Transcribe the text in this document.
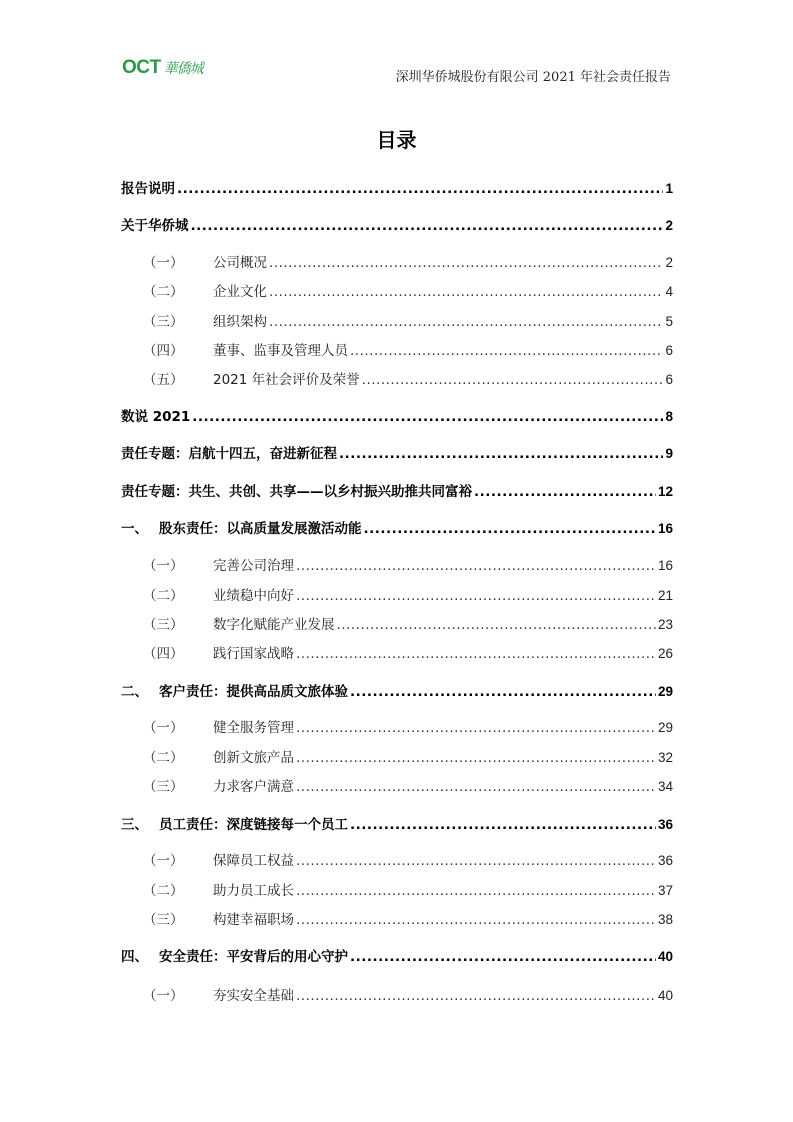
OCT 華僑城
深圳华侨城股份有限公司 2021 年社会责任报告
目录
报告说明 .....	1
关于华侨城 .....	2
（一）	公司概况 .....	2
（二）	企业文化 .....	4
（三）	组织架构 .....	5
（四）	董事、监事及管理人员 .....	6
（五）	2021 年社会评价及荣誉 .....	6
数说 2021 .....	8
责任专题：启航十四五，奋进新征程 .....	9
责任专题：共生、共创、共享——以乡村振兴助推共同富裕 .....	12
一、 股东责任：以高质量发展激活动能 .....	16
（一）	完善公司治理 .....	16
（二）	业绩稳中向好 .....	21
（三）	数字化赋能产业发展 .....	23
（四）	践行国家战略 .....	26
二、 客户责任：提供高品质文旅体验 .....	29
（一）	健全服务管理 .....	29
（二）	创新文旅产品 .....	32
（三）	力求客户满意 .....	34
三、 员工责任：深度链接每一个员工 .....	36
（一）	保障员工权益 .....	36
（二）	助力员工成长 .....	37
（三）	构建幸福职场 .....	38
四、 安全责任：平安背后的用心守护 .....	40
（一）	夯实安全基础 .....	40
